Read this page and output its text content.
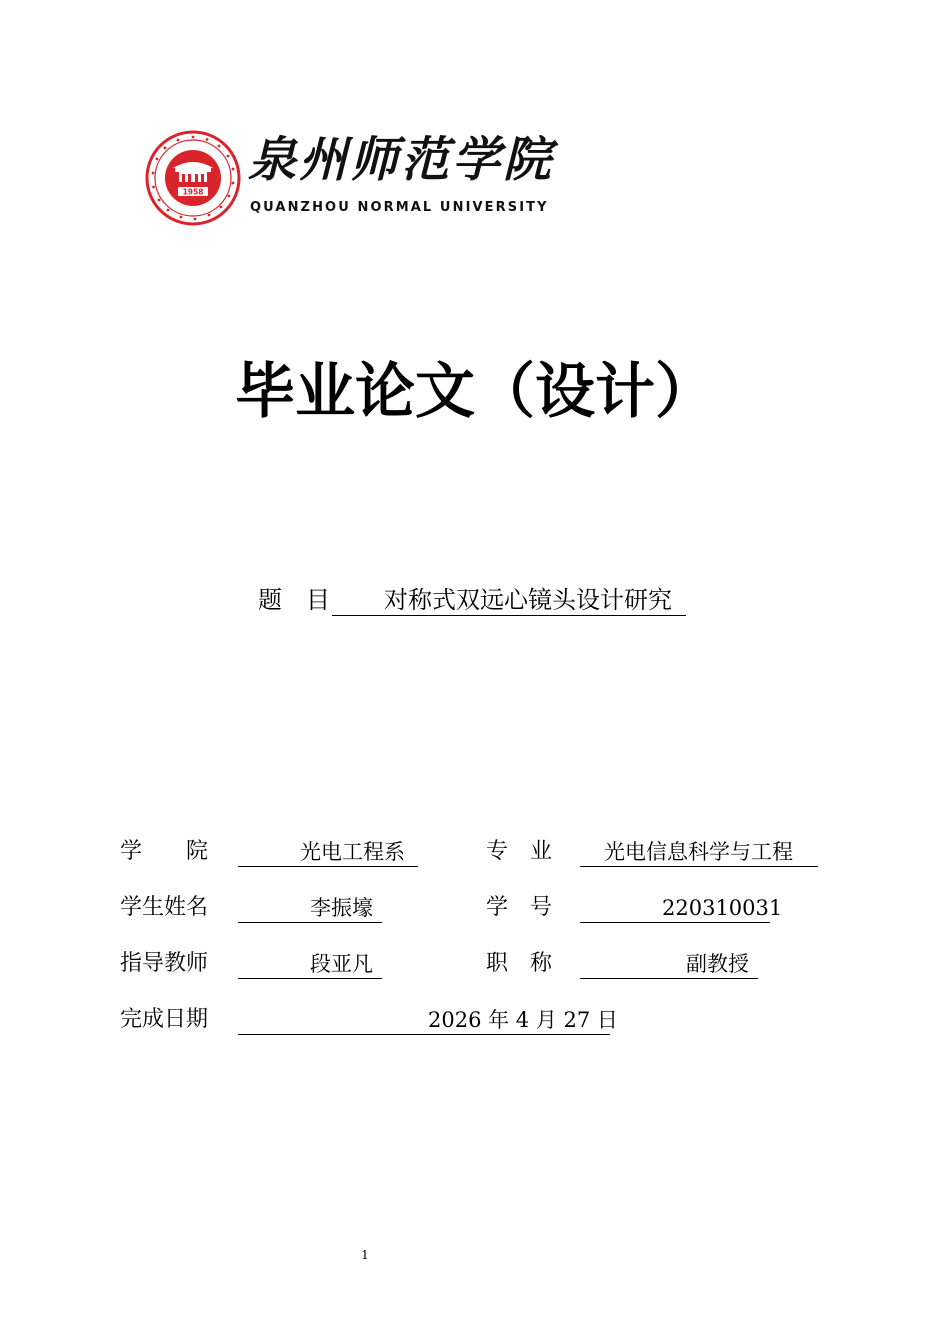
1958
泉州师范学院
QUANZHOU NORMAL UNIVERSITY
毕业论文（设计）
题　目 对称式双远心镜头设计研究
学　　院	光电工程系	专　业	光电信息科学与工程
学生姓名	李振壕	学　号	220310031
指导教师	段亚凡	职　称	副教授
完成日期	2026 年 4 月 27 日
1
